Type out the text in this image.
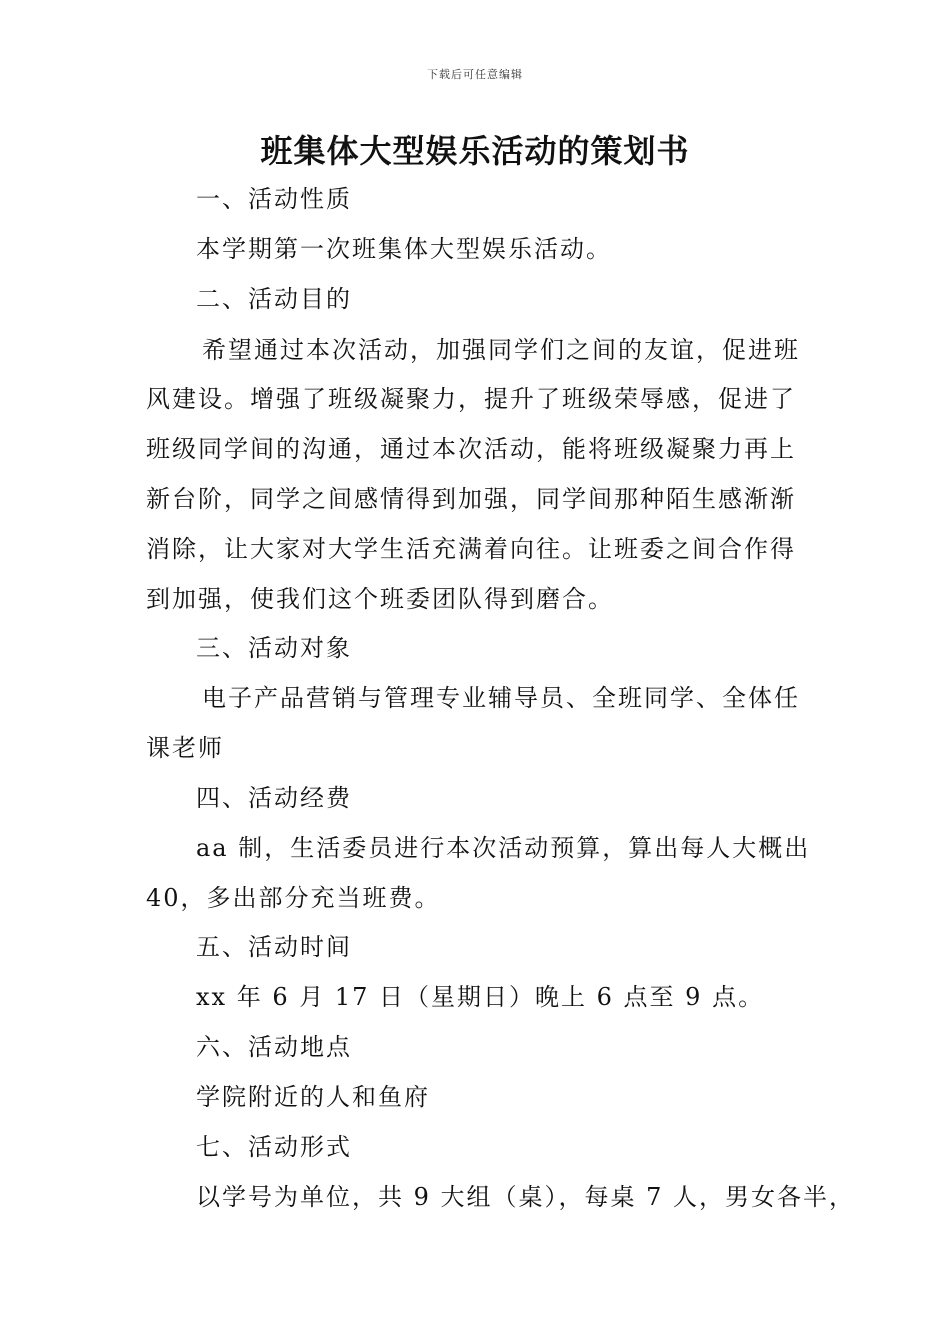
下载后可任意编辑
班集体大型娱乐活动的策划书
一、活动性质
本学期第一次班集体大型娱乐活动。
二、活动目的
希望通过本次活动，加强同学们之间的友谊，促进班
风建设。增强了班级凝聚力，提升了班级荣辱感，促进了
班级同学间的沟通，通过本次活动，能将班级凝聚力再上
新台阶，同学之间感情得到加强，同学间那种陌生感渐渐
消除，让大家对大学生活充满着向往。让班委之间合作得
到加强，使我们这个班委团队得到磨合。
三、活动对象
电子产品营销与管理专业辅导员、全班同学、全体任
课老师
四、活动经费
aa 制，生活委员进行本次活动预算，算出每人大概出
40，多出部分充当班费。
五、活动时间
xx 年 6 月 17 日（星期日）晚上 6 点至 9 点。
六、活动地点
学院附近的人和鱼府
七、活动形式
以学号为单位，共 9 大组（桌），每桌 7 人，男女各半，
